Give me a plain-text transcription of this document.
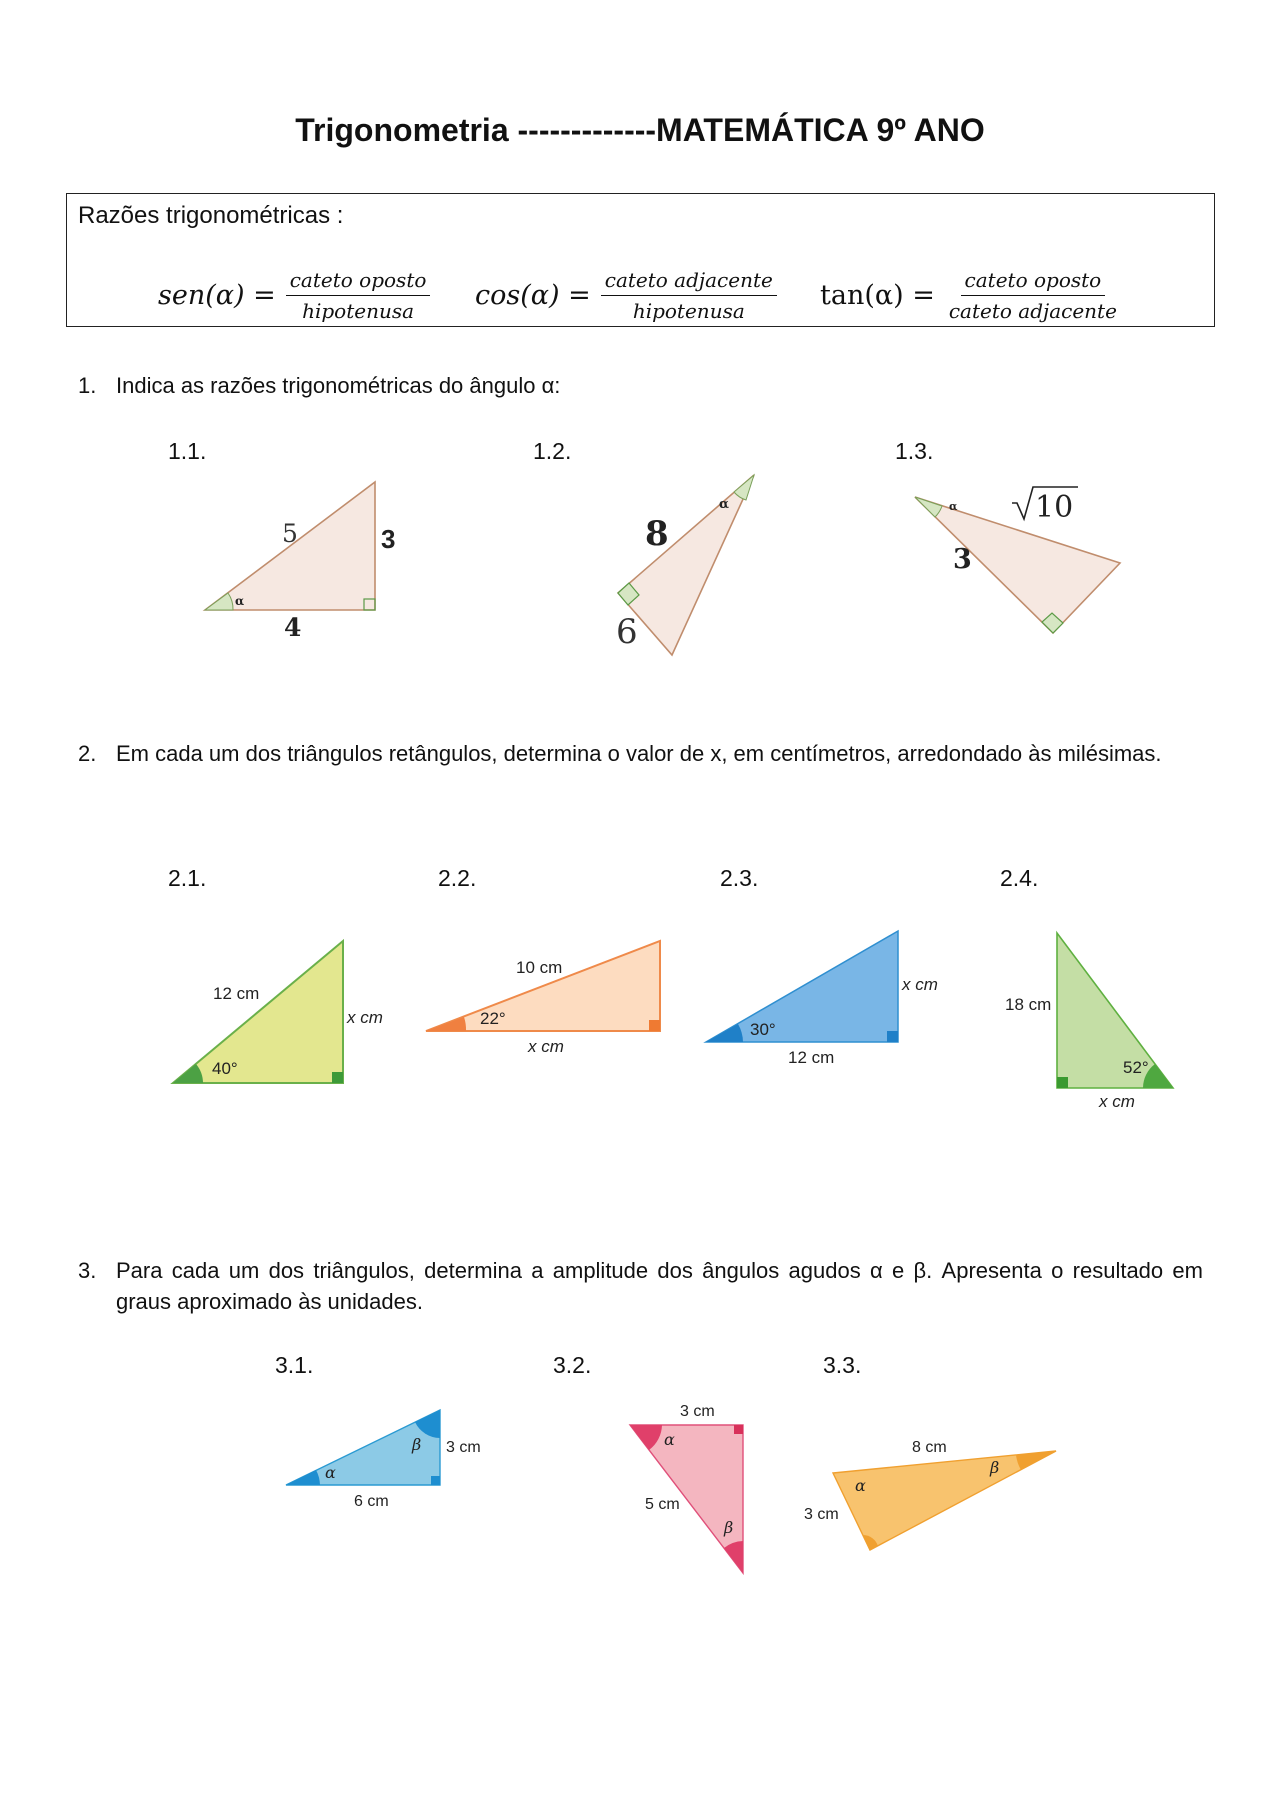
Trigonometria -------------MATEMÁTICA 9º ANO
Razões trigonométricas :
$sen(\alpha) = \frac{\text{cateto oposto}}{\text{hipotenusa}} \cos(\alpha) = \frac{\text{cateto adjacente}}{\text{hipotenusa}} \tan(\alpha) = \frac{\text{cateto oposto}}{\text{cateto adjacente}}$
1. Indica as razões trigonométricas do ângulo α:
1.1.	1.2.	1.3.
5	3
4
α
8
6
α	α	10
3
2. Em cada um dos triângulos retângulos, determina o valor de x, em centímetros, arredondado às milésimas.
2.1.	2.2.	2.3.	2.4.
12 cm
x cm
40°
10 cm
x cm
22°
x cm
12 cm
30°
18 cm
x cm
52°
3. Para cada um dos triângulos, determina a amplitude dos ângulos agudos α e β. Apresenta o resultado em graus aproximado às unidades.
3.1.	3.2.	3.3.
α
β 3 cm
6 cm
3 cm
5 cm
α
β
8 cm
3 cm
α
β
